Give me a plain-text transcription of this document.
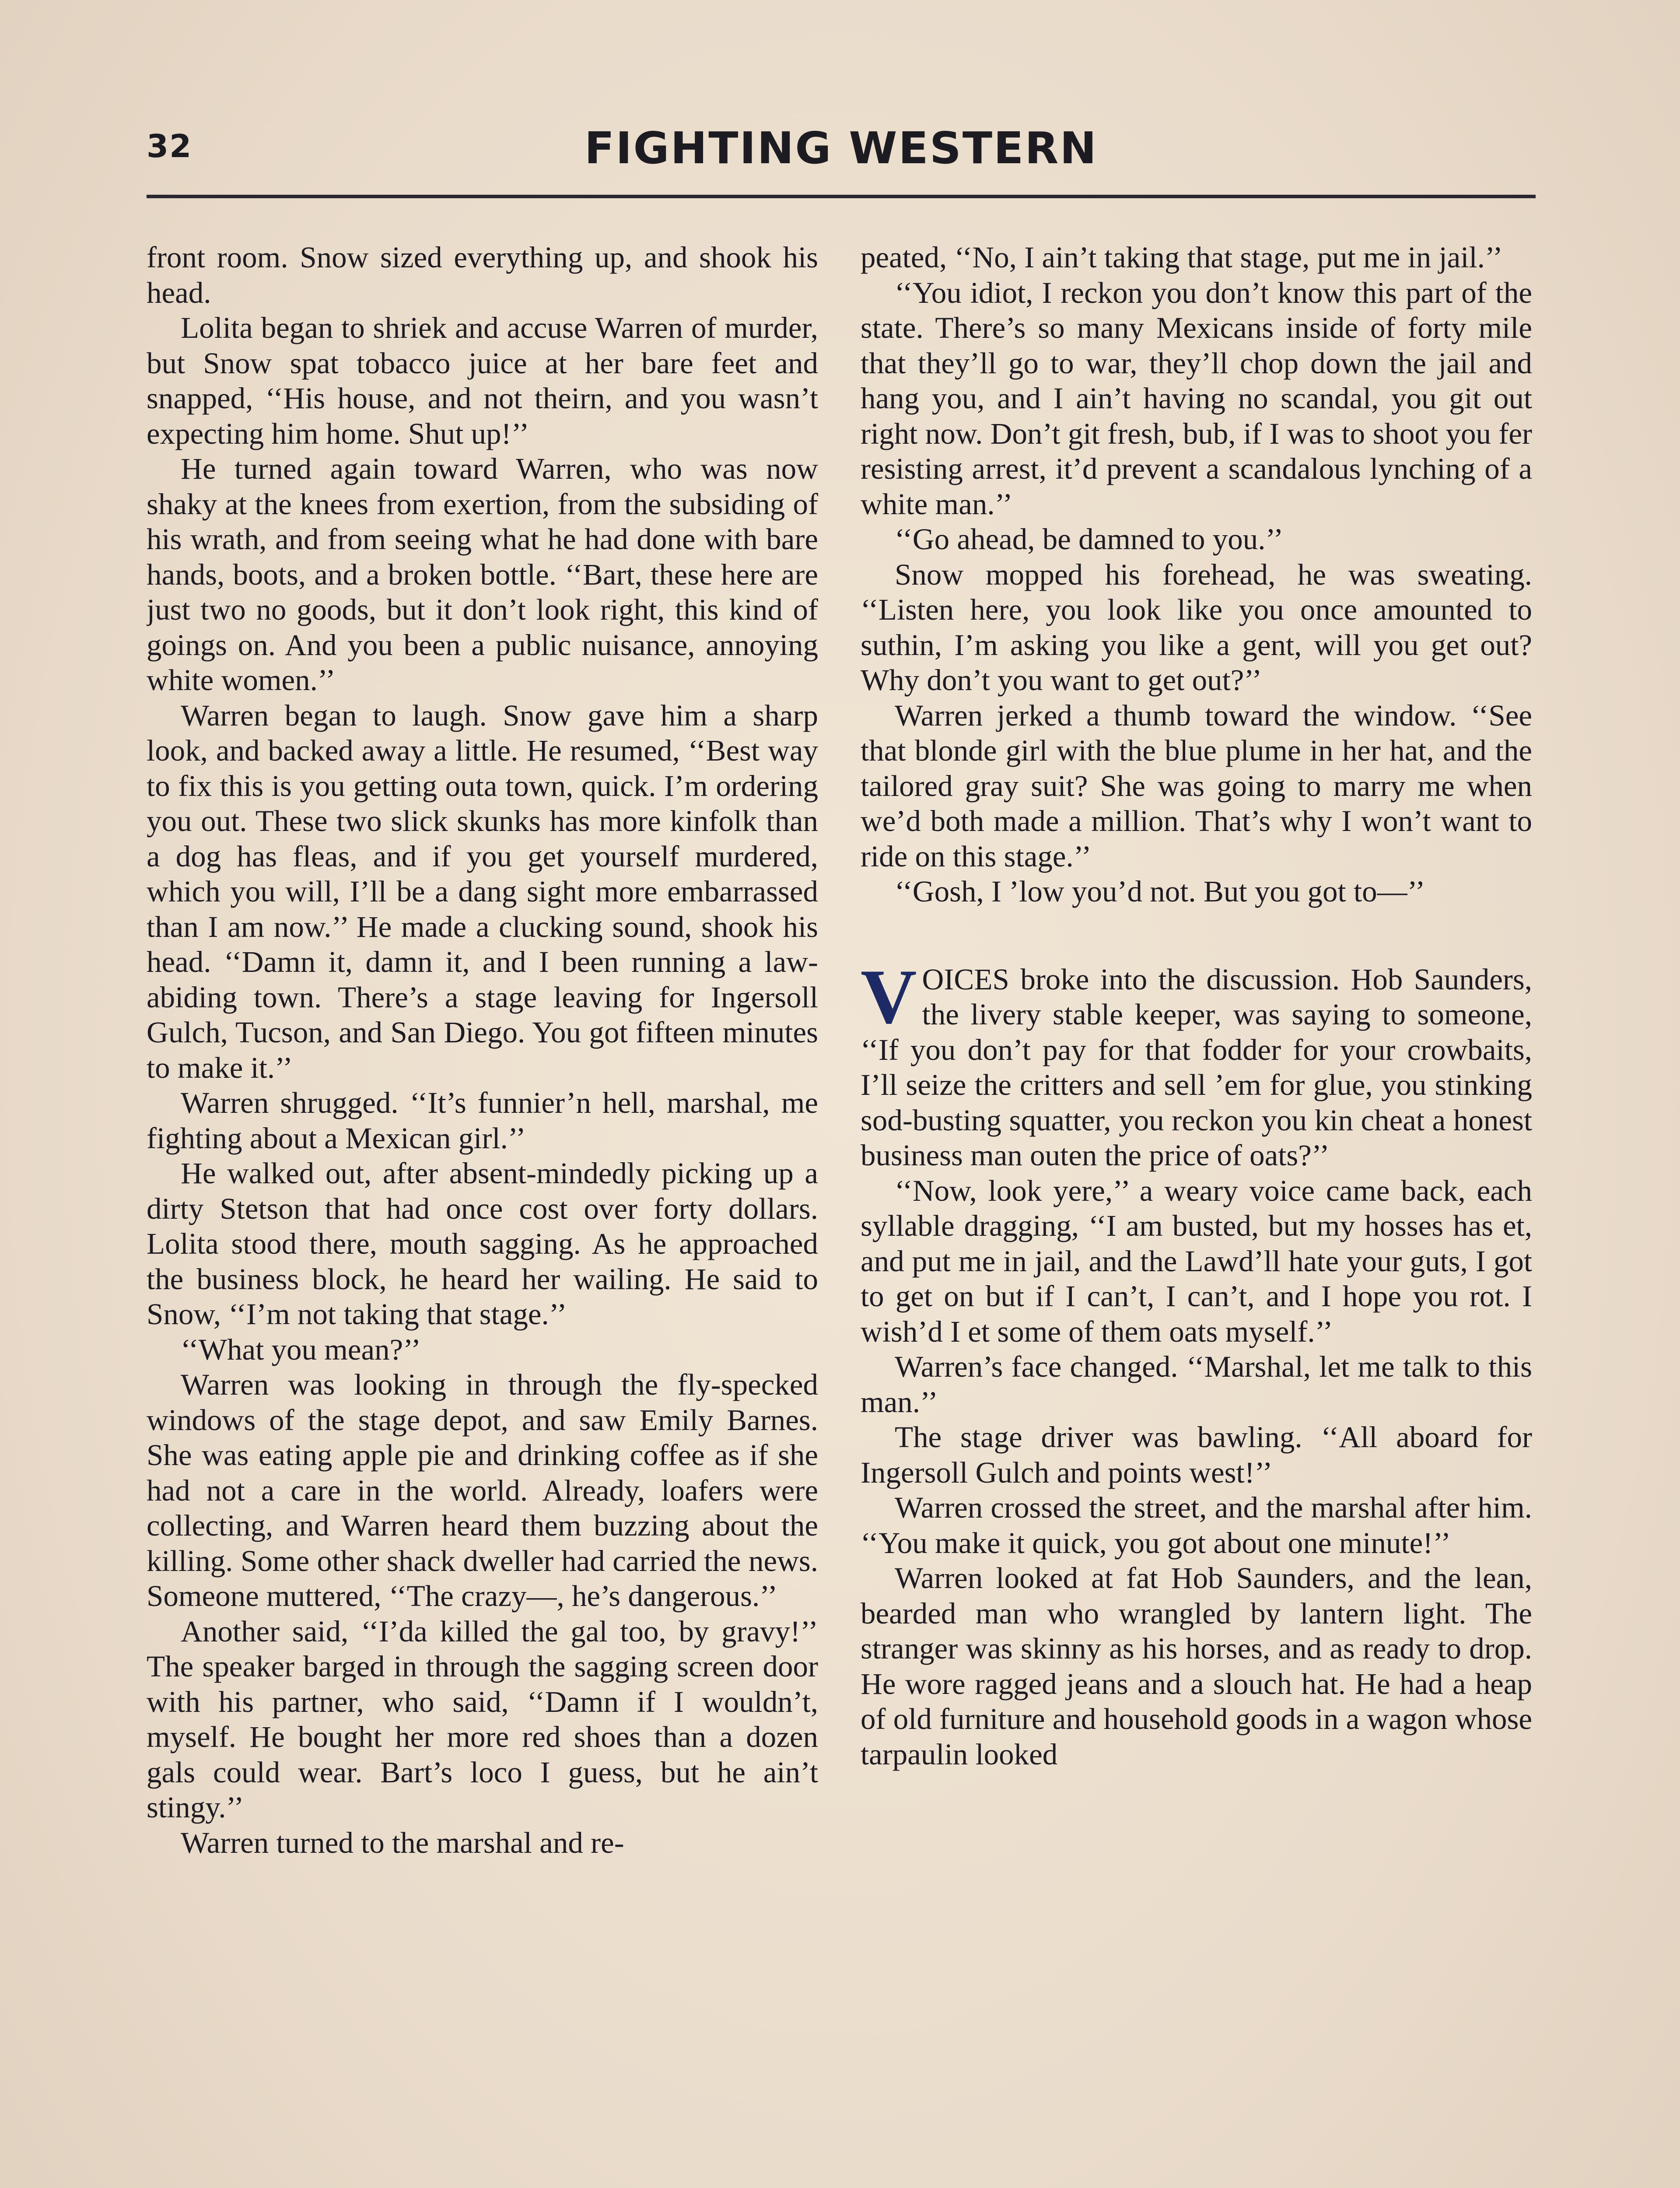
32	FIGHTING WESTERN

front room. Snow sized everything up, and shook his head.

Lolita began to shriek and accuse Warren of murder, but Snow spat tobacco juice at her bare feet and snapped, ‘‘His house, and not theirn, and you wasn’t expecting him home. Shut up!’’

He turned again toward Warren, who was now shaky at the knees from exertion, from the subsiding of his wrath, and from seeing what he had done with bare hands, boots, and a broken bottle. ‘‘Bart, these here are just two no goods, but it don’t look right, this kind of goings on. And you been a public nuisance, annoying white women.’’

Warren began to laugh. Snow gave him a sharp look, and backed away a little. He resumed, ‘‘Best way to fix this is you getting outa town, quick. I’m ordering you out. These two slick skunks has more kinfolk than a dog has fleas, and if you get yourself murdered, which you will, I’ll be a dang sight more embarrassed than I am now.’’ He made a clucking sound, shook his head. ‘‘Damn it, damn it, and I been running a law-abiding town. There’s a stage leaving for Ingersoll Gulch, Tucson, and San Diego. You got fifteen minutes to make it.’’

Warren shrugged. ‘‘It’s funnier’n hell, marshal, me fighting about a Mexican girl.’’

He walked out, after absent-mindedly picking up a dirty Stetson that had once cost over forty dollars. Lolita stood there, mouth sagging. As he approached the business block, he heard her wailing. He said to Snow, ‘‘I’m not taking that stage.’’

‘‘What you mean?’’

Warren was looking in through the fly-specked windows of the stage depot, and saw Emily Barnes. She was eating apple pie and drinking coffee as if she had not a care in the world. Already, loafers were collecting, and Warren heard them buzzing about the killing. Some other shack dweller had carried the news. Someone muttered, ‘‘The crazy—, he’s dangerous.’’

Another said, ‘‘I’da killed the gal too, by gravy!’’ The speaker barged in through the sagging screen door with his partner, who said, ‘‘Damn if I wouldn’t, myself. He bought her more red shoes than a dozen gals could wear. Bart’s loco I guess, but he ain’t stingy.’’

Warren turned to the marshal and re-

peated, ‘‘No, I ain’t taking that stage, put me in jail.’’

‘‘You idiot, I reckon you don’t know this part of the state. There’s so many Mexicans inside of forty mile that they’ll go to war, they’ll chop down the jail and hang you, and I ain’t having no scandal, you git out right now. Don’t git fresh, bub, if I was to shoot you fer resisting arrest, it’d prevent a scandalous lynching of a white man.’’

‘‘Go ahead, be damned to you.’’

Snow mopped his forehead, he was sweating. ‘‘Listen here, you look like you once amounted to suthin, I’m asking you like a gent, will you get out? Why don’t you want to get out?’’

Warren jerked a thumb toward the window. ‘‘See that blonde girl with the blue plume in her hat, and the tailored gray suit? She was going to marry me when we’d both made a million. That’s why I won’t want to ride on this stage.’’

‘‘Gosh, I ’low you’d not. But you got to—’’

VOICES broke into the discussion. Hob Saunders, the livery stable keeper, was saying to someone, ‘‘If you don’t pay for that fodder for your crowbaits, I’ll seize the critters and sell ’em for glue, you stinking sod-busting squatter, you reckon you kin cheat a honest business man outen the price of oats?’’

‘‘Now, look yere,’’ a weary voice came back, each syllable dragging, ‘‘I am busted, but my hosses has et, and put me in jail, and the Lawd’ll hate your guts, I got to get on but if I can’t, I can’t, and I hope you rot. I wish’d I et some of them oats myself.’’

Warren’s face changed. ‘‘Marshal, let me talk to this man.’’

The stage driver was bawling. ‘‘All aboard for Ingersoll Gulch and points west!’’

Warren crossed the street, and the marshal after him. ‘‘You make it quick, you got about one minute!’’

Warren looked at fat Hob Saunders, and the lean, bearded man who wrangled by lantern light. The stranger was skinny as his horses, and as ready to drop. He wore ragged jeans and a slouch hat. He had a heap of old furniture and household goods in a wagon whose tarpaulin looked
